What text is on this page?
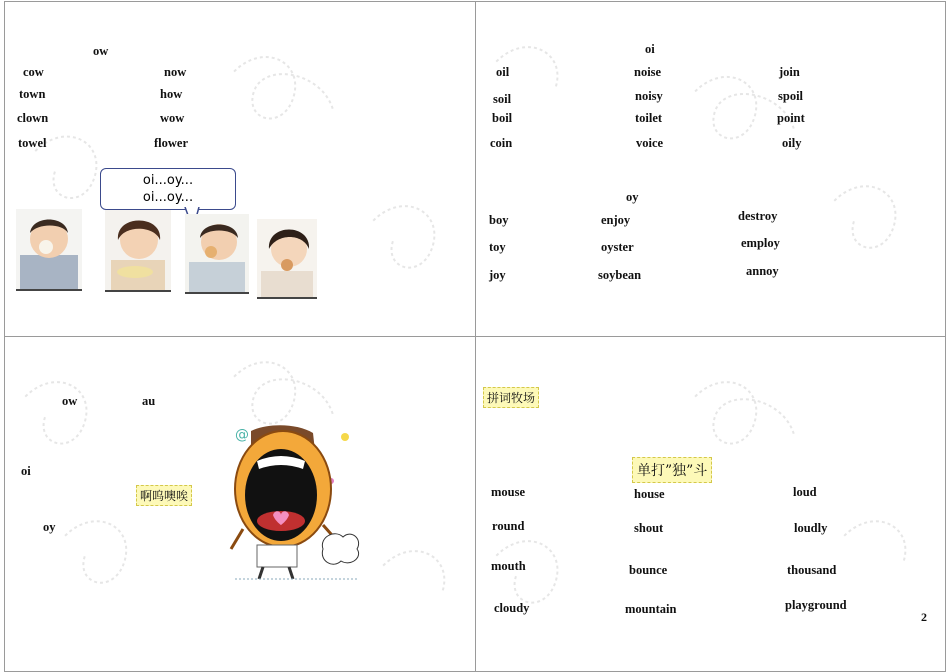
ow
cow
town
clown
towel
now
how
wow
flower
oi...oy...
oi...oy...
oi
oil
soil
boil
coin
noise
noisy
toilet
voice
join
spoil
point
oily
oy
boy
toy
joy
enjoy
oyster
soybean
destroy
employ
annoy
ow	au
oi
oy
啊呜噢唉
@
拼词牧场
单打”独”斗
mouse
round
mouth
cloudy
house
shout
bounce
mountain
loud
loudly
thousand
playground
2
